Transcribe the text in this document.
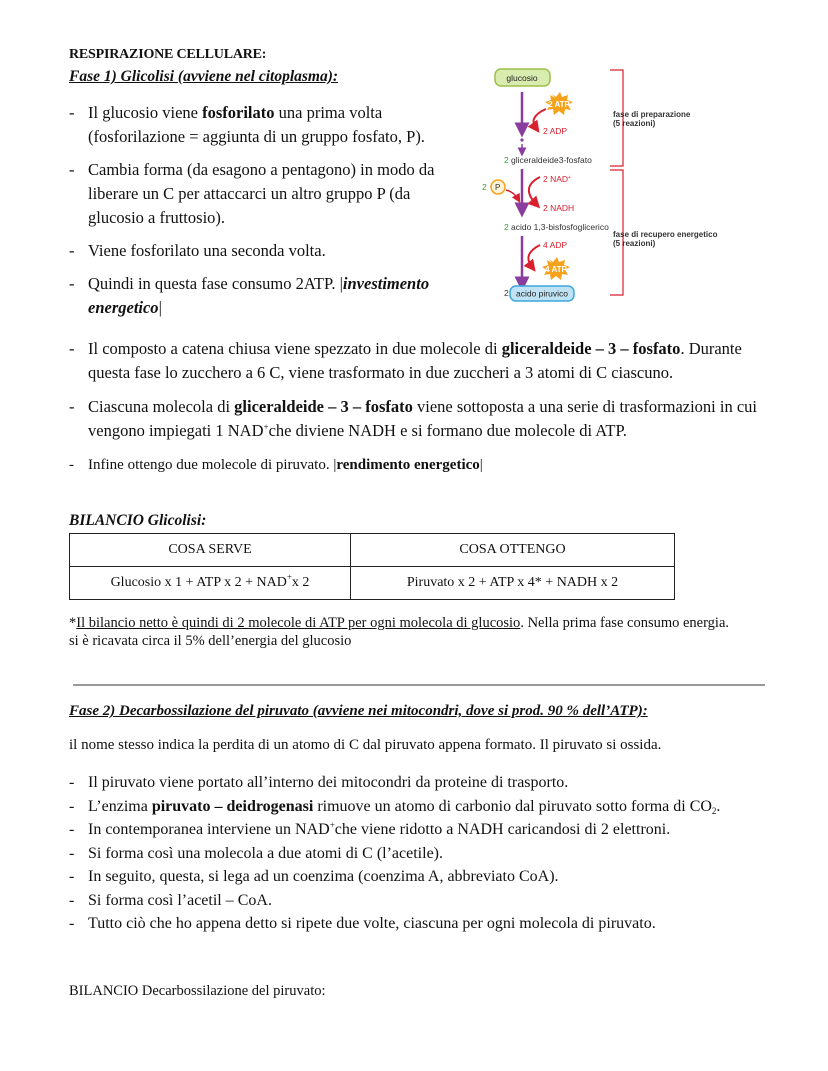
RESPIRAZIONE CELLULARE:
Fase 1) Glicolisi (avviene nel citoplasma):
- Il glucosio viene fosforilato una prima volta (fosforilazione = aggiunta di un gruppo fosfato, P).
- Cambia forma (da esagono a pentagono) in modo da liberare un C per attaccarci un altro gruppo P (da glucosio a fruttosio).
- Viene fosforilato una seconda volta.
- Quindi in questa fase consumo 2ATP. |investimento energetico|
glucosio
2 ATP
2 ADP
2 gliceraldeide3-fosfato
2 P
2 NAD+
2 NADH
2 acido 1,3-bisfosfoglicerico
4 ADP
4 ATP
2 acido piruvico
fase di preparazione
(5 reazioni)
fase di recupero energetico
(5 reazioni)
- Il composto a catena chiusa viene spezzato in due molecole di gliceraldeide – 3 – fosfato. Durante questa fase lo zucchero a 6 C, viene trasformato in due zuccheri a 3 atomi di C ciascuno.
- Ciascuna molecola di gliceraldeide – 3 – fosfato viene sottoposta a una serie di trasformazioni in cui vengono impiegati 1 NAD+che diviene NADH e si formano due molecole di ATP.
- Infine ottengo due molecole di piruvato. |rendimento energetico|
BILANCIO Glicolisi:
COSA SERVE	COSA OTTENGO
Glucosio x 1 + ATP x 2 + NAD+x 2	Piruvato x 2 + ATP x 4* + NADH x 2
*Il bilancio netto è quindi di 2 molecole di ATP per ogni molecola di glucosio. Nella prima fase consumo energia.
si è ricavata circa il 5% dell’energia del glucosio
Fase 2) Decarbossilazione del piruvato (avviene nei mitocondri, dove si prod. 90 % dell’ATP):
il nome stesso indica la perdita di un atomo di C dal piruvato appena formato. Il piruvato si ossida.
- Il piruvato viene portato all’interno dei mitocondri da proteine di trasporto.
- L’enzima piruvato – deidrogenasi rimuove un atomo di carbonio dal piruvato sotto forma di $CO_2$.
- In contemporanea interviene un NAD+che viene ridotto a NADH caricandosi di 2 elettroni.
- Si forma così una molecola a due atomi di C (l’acetile).
- In seguito, questa, si lega ad un coenzima (coenzima A, abbreviato CoA).
- Si forma così l’acetil – CoA.
- Tutto ciò che ho appena detto si ripete due volte, ciascuna per ogni molecola di piruvato.
BILANCIO Decarbossilazione del piruvato:
